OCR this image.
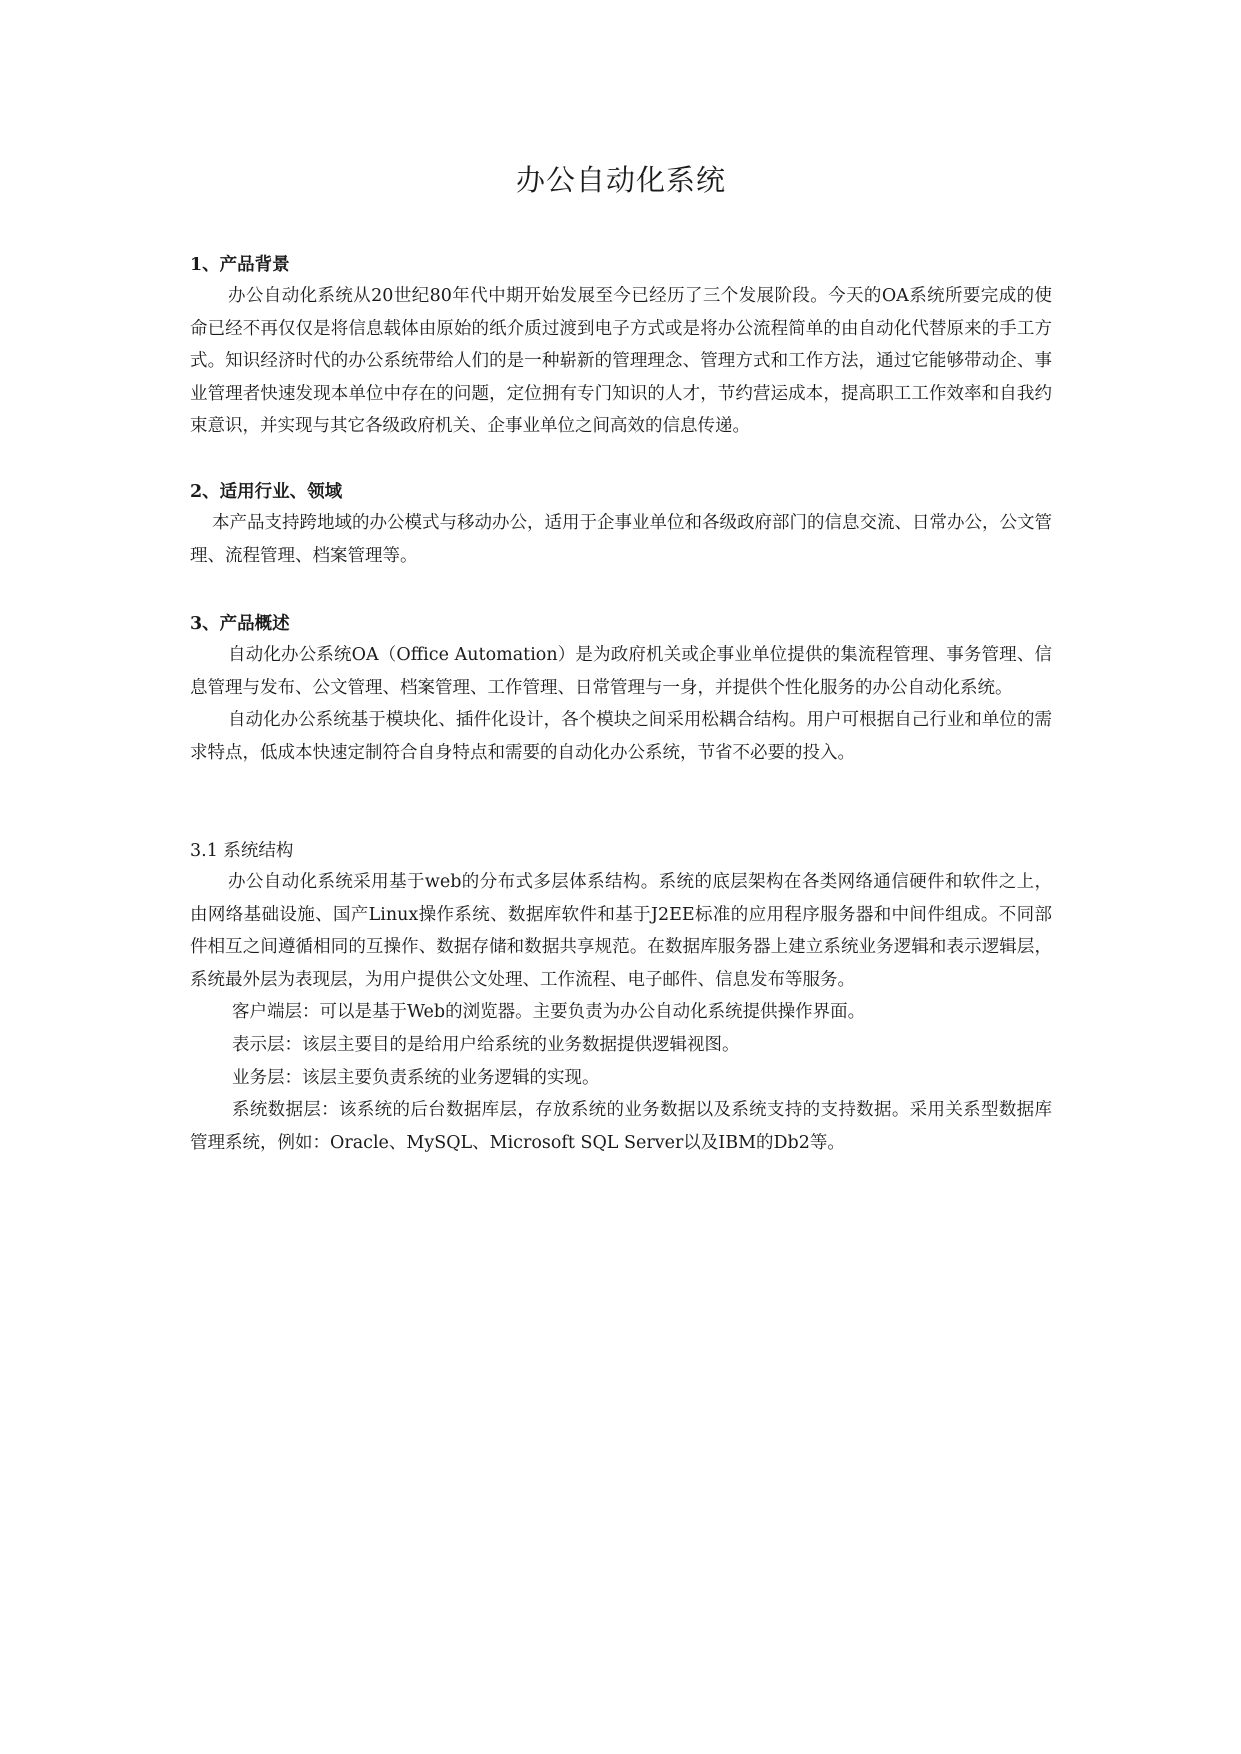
办公自动化系统

1、产品背景

办公自动化系统从20世纪80年代中期开始发展至今已经历了三个发展阶段。今天的OA系统所要完成的使命已经不再仅仅是将信息载体由原始的纸介质过渡到电子方式或是将办公流程简单的由自动化代替原来的手工方式。知识经济时代的办公系统带给人们的是一种崭新的管理理念、管理方式和工作方法，通过它能够带动企、事业管理者快速发现本单位中存在的问题，定位拥有专门知识的人才，节约营运成本，提高职工工作效率和自我约束意识，并实现与其它各级政府机关、企事业单位之间高效的信息传递。

2、适用行业、领域

本产品支持跨地域的办公模式与移动办公，适用于企事业单位和各级政府部门的信息交流、日常办公，公文管理、流程管理、档案管理等。

3、产品概述

自动化办公系统OA（Office Automation）是为政府机关或企事业单位提供的集流程管理、事务管理、信息管理与发布、公文管理、档案管理、工作管理、日常管理与一身，并提供个性化服务的办公自动化系统。

自动化办公系统基于模块化、插件化设计，各个模块之间采用松耦合结构。用户可根据自己行业和单位的需求特点，低成本快速定制符合自身特点和需要的自动化办公系统，节省不必要的投入。

3.1 系统结构

办公自动化系统采用基于web的分布式多层体系结构。系统的底层架构在各类网络通信硬件和软件之上， 由网络基础设施、国产Linux操作系统、数据库软件和基于J2EE标准的应用程序服务器和中间件组成。不同部件相互之间遵循相同的互操作、数据存储和数据共享规范。在数据库服务器上建立系统业务逻辑和表示逻辑层，系统最外层为表现层，为用户提供公文处理、工作流程、电子邮件、信息发布等服务。

客户端层：可以是基于Web的浏览器。主要负责为办公自动化系统提供操作界面。

表示层：该层主要目的是给用户给系统的业务数据提供逻辑视图。

业务层：该层主要负责系统的业务逻辑的实现。

系统数据层：该系统的后台数据库层，存放系统的业务数据以及系统支持的支持数据。采用关系型数据库管理系统，例如：Oracle、MySQL、Microsoft SQL Server以及IBM的Db2等。
